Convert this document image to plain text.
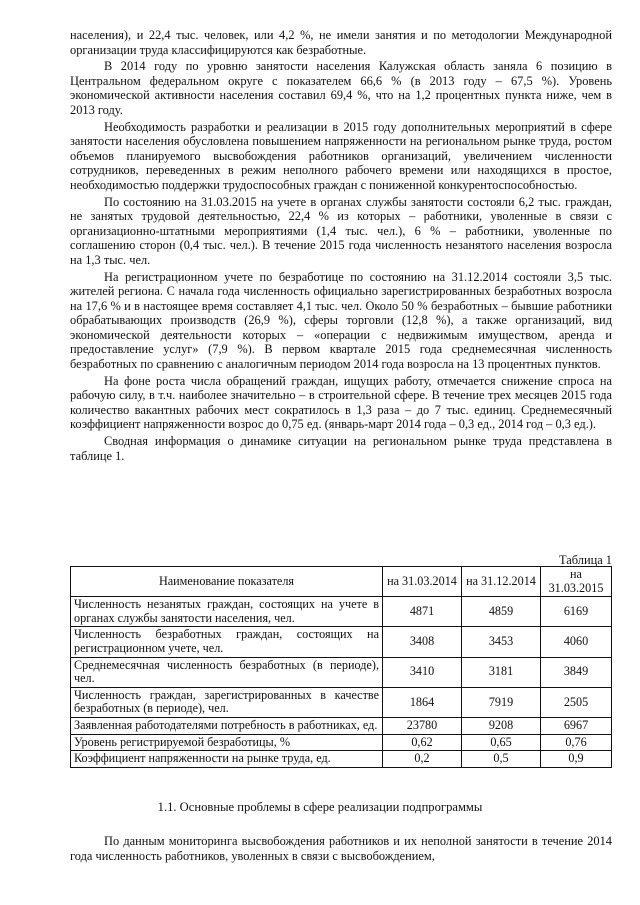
населения), и 22,4 тыс. человек, или 4,2 %, не имели занятия и по методологии Международной организации труда классифицируются как безработные.

В 2014 году по уровню занятости населения Калужская область заняла 6 позицию в Центральном федеральном округе с показателем 66,6 % (в 2013 году – 67,5 %). Уровень экономической активности населения составил 69,4 %, что на 1,2 процентных пункта ниже, чем в 2013 году.

Необходимость разработки и реализации в 2015 году дополнительных мероприятий в сфере занятости населения обусловлена повышением напряженности на региональном рынке труда, ростом объемов планируемого высвобождения работников организаций, увеличением численности сотрудников, переведенных в режим неполного рабочего времени или находящихся в простое, необходимостью поддержки трудоспособных граждан с пониженной конкурентоспособностью.

По состоянию на 31.03.2015 на учете в органах службы занятости состояли 6,2 тыс. граждан, не занятых трудовой деятельностью, 22,4 % из которых – работники, уволенные в связи с организационно-штатными мероприятиями (1,4 тыс. чел.), 6 % – работники, уволенные по соглашению сторон (0,4 тыс. чел.). В течение 2015 года численность незанятого населения возросла на 1,3 тыс. чел.

На регистрационном учете по безработице по состоянию на 31.12.2014 состояли 3,5 тыс. жителей региона. С начала года численность официально зарегистрированных безработных возросла на 17,6 % и в настоящее время составляет 4,1 тыс. чел. Около 50 % безработных – бывшие работники обрабатывающих производств (26,9 %), сферы торговли (12,8 %), а также организаций, вид экономической деятельности которых – «операции с недвижимым имуществом, аренда и предоставление услуг» (7,9 %). В первом квартале 2015 года среднемесячная численность безработных по сравнению с аналогичным периодом 2014 года возросла на 13 процентных пунктов.

На фоне роста числа обращений граждан, ищущих работу, отмечается снижение спроса на рабочую силу, в т.ч. наиболее значительно – в строительной сфере. В течение трех месяцев 2015 года количество вакантных рабочих мест сократилось в 1,3 раза – до 7 тыс. единиц. Среднемесячный коэффициент напряженности возрос до 0,75 ед. (январь-март 2014 года – 0,3 ед., 2014 год – 0,3 ед.).

Сводная информация о динамике ситуации на региональном рынке труда представлена в таблице 1.

Таблица 1
Наименование показателя	на 31.03.2014	на 31.12.2014	на 31.03.2015
Численность незанятых граждан, состоящих на учете в органах службы занятости населения, чел.	4871	4859	6169
Численность безработных граждан, состоящих на регистрационном учете, чел.	3408	3453	4060
Среднемесячная численность безработных (в периоде), чел.	3410	3181	3849
Численность граждан, зарегистрированных в качестве безработных (в периоде), чел.	1864	7919	2505
Заявленная работодателями потребность в работниках, ед.	23780	9208	6967
Уровень регистрируемой безработицы, %	0,62	0,65	0,76
Коэффициент напряженности на рынке труда, ед.	0,2	0,5	0,9
1.1. Основные проблемы в сфере реализации подпрограммы

По данным мониторинга высвобождения работников и их неполной занятости в течение 2014 года численность работников, уволенных в связи с высвобождением,
